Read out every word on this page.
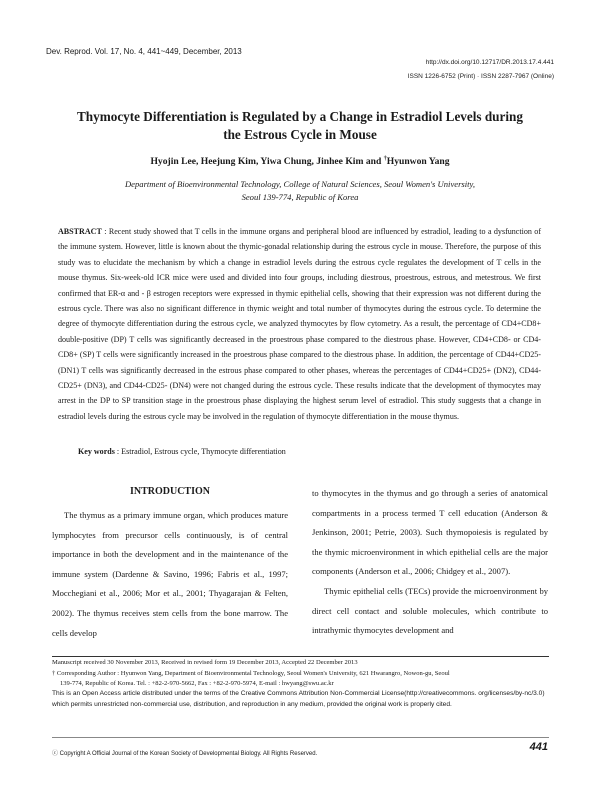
Dev. Reprod. Vol. 17, No. 4, 441~449, December, 2013
http://dx.doi.org/10.12717/DR.2013.17.4.441
ISSN 1226-6752 (Print) · ISSN 2287-7967 (Online)
Thymocyte Differentiation is Regulated by a Change in Estradiol Levels during
the Estrous Cycle in Mouse
Hyojin Lee, Heejung Kim, Yiwa Chung, Jinhee Kim and †Hyunwon Yang
Department of Bioenvironmental Technology, College of Natural Sciences, Seoul Women's University,
Seoul 139-774, Republic of Korea
ABSTRACT : Recent study showed that T cells in the immune organs and peripheral blood are influenced by estradiol, leading to a dysfunction of the immune system. However, little is known about the thymic-gonadal relationship during the estrous cycle in mouse. Therefore, the purpose of this study was to elucidate the mechanism by which a change in estradiol levels during the estrous cycle regulates the development of T cells in the mouse thymus. Six-week-old ICR mice were used and divided into four groups, including diestrous, proestrous, estrous, and metestrous. We first confirmed that ER-α and - β estrogen receptors were expressed in thymic epithelial cells, showing that their expression was not different during the estrous cycle. There was also no significant difference in thymic weight and total number of thymocytes during the estrous cycle. To determine the degree of thymocyte differentiation during the estrous cycle, we analyzed thymocytes by flow cytometry. As a result, the percentage of CD4+CD8+ double-positive (DP) T cells was significantly decreased in the proestrous phase compared to the diestrous phase. However, CD4+CD8- or CD4-CD8+ (SP) T cells were significantly increased in the proestrous phase compared to the diestrous phase. In addition, the percentage of CD44+CD25- (DN1) T cells was significantly decreased in the estrous phase compared to other phases, whereas the percentages of CD44+CD25+ (DN2), CD44-CD25+ (DN3), and CD44-CD25- (DN4) were not changed during the estrous cycle. These results indicate that the development of thymocytes may arrest in the DP to SP transition stage in the proestrous phase displaying the highest serum level of estradiol. This study suggests that a change in estradiol levels during the estrous cycle may be involved in the regulation of thymocyte differentiation in the mouse thymus.
Key words : Estradiol, Estrous cycle, Thymocyte differentiation
INTRODUCTION

The thymus as a primary immune organ, which produces mature lymphocytes from precursor cells continuously, is of central importance in both the development and in the maintenance of the immune system (Dardenne & Savino, 1996; Fabris et al., 1997; Mocchegiani et al., 2006; Mor et al., 2001; Thyagarajan & Felten, 2002). The thymus receives stem cells from the bone marrow. The cells develop

to thymocytes in the thymus and go through a series of anatomical compartments in a process termed T cell education (Anderson & Jenkinson, 2001; Petrie, 2003). Such thymopoiesis is regulated by the thymic microenvironment in which epithelial cells are the major components (Anderson et al., 2006; Chidgey et al., 2007).

Thymic epithelial cells (TECs) provide the microenvironment by direct cell contact and soluble molecules, which contribute to intrathymic thymocytes development and

Manuscript received 30 November 2013, Received in revised form 19 December 2013, Accepted 22 December 2013

† Corresponding Author : Hyunwon Yang, Department of Bioenvironmental Technology, Seoul Women's University, 621 Hwarangro, Nowon-gu, Seoul

139-774, Republic of Korea. Tel. : +82-2-970-5662, Fax : +82-2-970-5974, E-mail : hwyang@swu.ac.kr

This is an Open Access article distributed under the terms of the Creative Commons Attribution Non-Commercial License(http://creativecommons. org/licenses/by-nc/3.0) which permits unrestricted non-commercial use, distribution, and reproduction in any medium, provided the original work is properly cited.
ⓒ Copyright A Official Journal of the Korean Society of Developmental Biology. All Rights Reserved.
441
